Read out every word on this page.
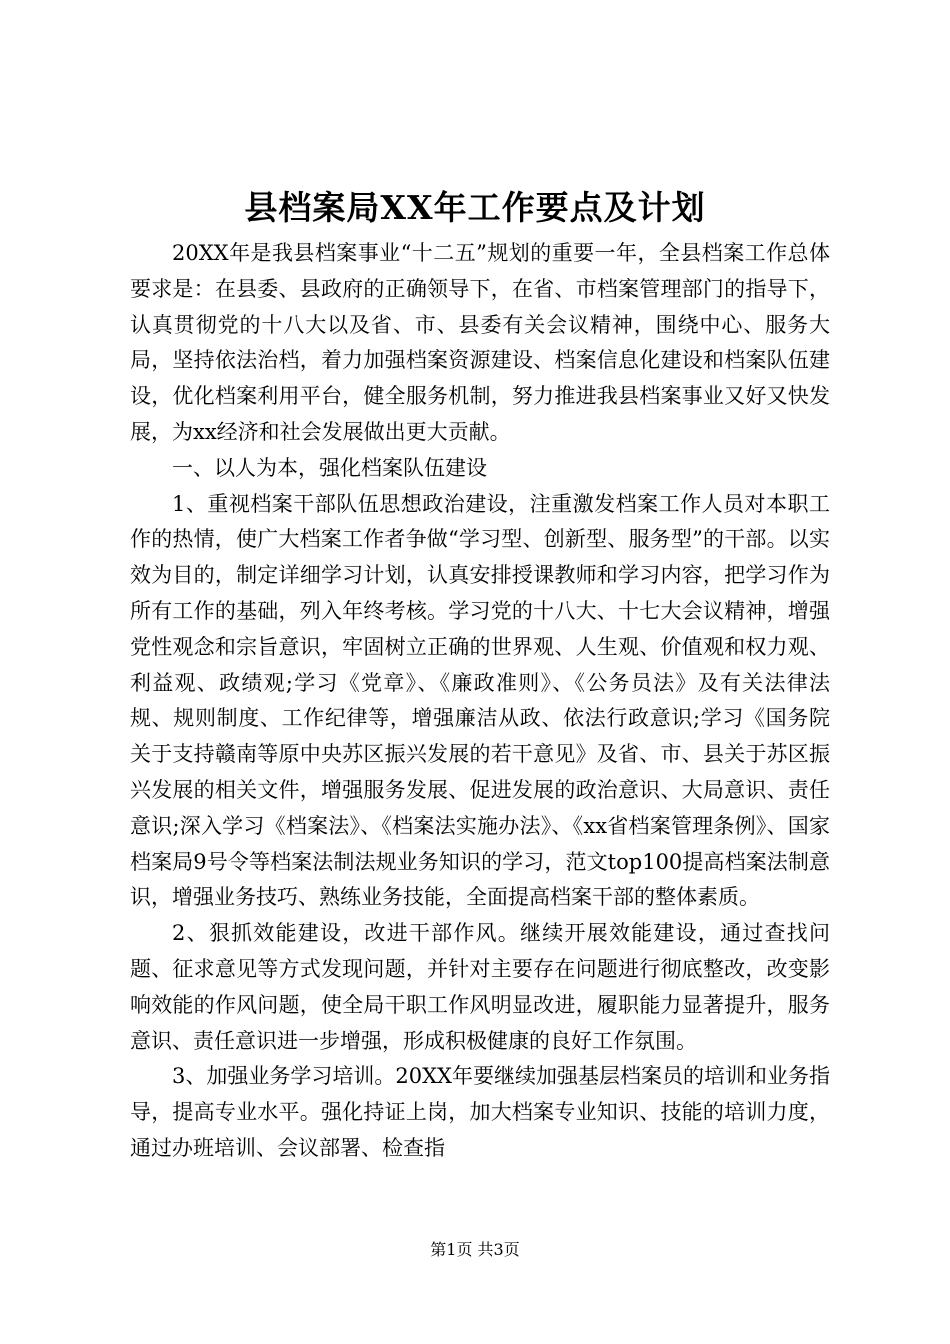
县档案局XX年工作要点及计划

20XX年是我县档案事业“十二五”规划的重要一年，全县档案工作总体要求是：在县委、县政府的正确领导下，在省、市档案管理部门的指导下，认真贯彻党的十八大以及省、市、县委有关会议精神，围绕中心、服务大局，坚持依法治档，着力加强档案资源建设、档案信息化建设和档案队伍建设，优化档案利用平台，健全服务机制，努力推进我县档案事业又好又快发展，为xx经济和社会发展做出更大贡献。

一、以人为本，强化档案队伍建设

1、重视档案干部队伍思想政治建设，注重激发档案工作人员对本职工作的热情，使广大档案工作者争做“学习型、创新型、服务型”的干部。以实效为目的，制定详细学习计划，认真安排授课教师和学习内容，把学习作为所有工作的基础，列入年终考核。学习党的十八大、十七大会议精神，增强党性观念和宗旨意识，牢固树立正确的世界观、人生观、价值观和权力观、利益观、政绩观;学习《党章》、《廉政准则》、《公务员法》及有关法律法规、规则制度、工作纪律等，增强廉洁从政、依法行政意识;学习《国务院关于支持赣南等原中央苏区振兴发展的若干意见》及省、市、县关于苏区振兴发展的相关文件，增强服务发展、促进发展的政治意识、大局意识、责任意识;深入学习《档案法》、《档案法实施办法》、《xx省档案管理条例》、国家档案局9号令等档案法制法规业务知识的学习，范文top100提高档案法制意识，增强业务技巧、熟练业务技能，全面提高档案干部的整体素质。

2、狠抓效能建设，改进干部作风。继续开展效能建设，通过查找问题、征求意见等方式发现问题，并针对主要存在问题进行彻底整改，改变影响效能的作风问题，使全局干职工作风明显改进，履职能力显著提升，服务意识、责任意识进一步增强，形成积极健康的良好工作氛围。

3、加强业务学习培训。20XX年要继续加强基层档案员的培训和业务指导，提高专业水平。强化持证上岗，加大档案专业知识、技能的培训力度，通过办班培训、会议部署、检查指

第1页 共3页
